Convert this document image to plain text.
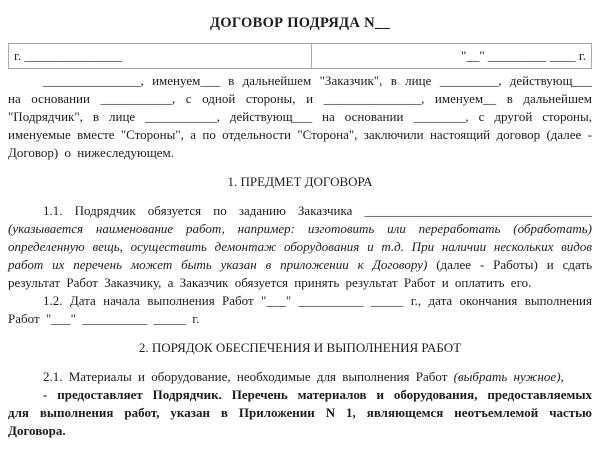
ДОГОВОР ПОДРЯДА N__
г. _______________	"__" _________ ____ г.

_______________, именуем___ в дальнейшем "Заказчик", в лице _________, действующ___ на основании ___________, с одной стороны, и _______________, именуем__ в дальнейшем "Подрядчик", в лице ___________, действующ___ на основании ________, с другой стороны, именуемые вместе "Стороны", а по отдельности "Сторона", заключили настоящий договор (далее - Договор) о нижеследующем.

1. ПРЕДМЕТ ДОГОВОРА

1.1. Подрядчик обязуется по заданию Заказчика ___________________________________ (указывается наименование работ, например: изготовить или переработать (обработать) определенную вещь, осуществить демонтаж оборудования и т.д. При наличии нескольких видов работ их перечень может быть указан в приложении к Договору) (далее - Работы) и сдать результат Работ Заказчику, а Заказчик обязуется принять результат Работ и оплатить его.

1.2. Дата начала выполнения Работ "___" __________ _____ г., дата окончания выполнения Работ "___" __________ _____ г.

2. ПОРЯДОК ОБЕСПЕЧЕНИЯ И ВЫПОЛНЕНИЯ РАБОТ

2.1. Материалы и оборудование, необходимые для выполнения Работ (выбрать нужное),

- предоставляет Подрядчик. Перечень материалов и оборудования, предоставляемых для выполнения работ, указан в Приложении N 1, являющемся неотъемлемой частью Договора.
